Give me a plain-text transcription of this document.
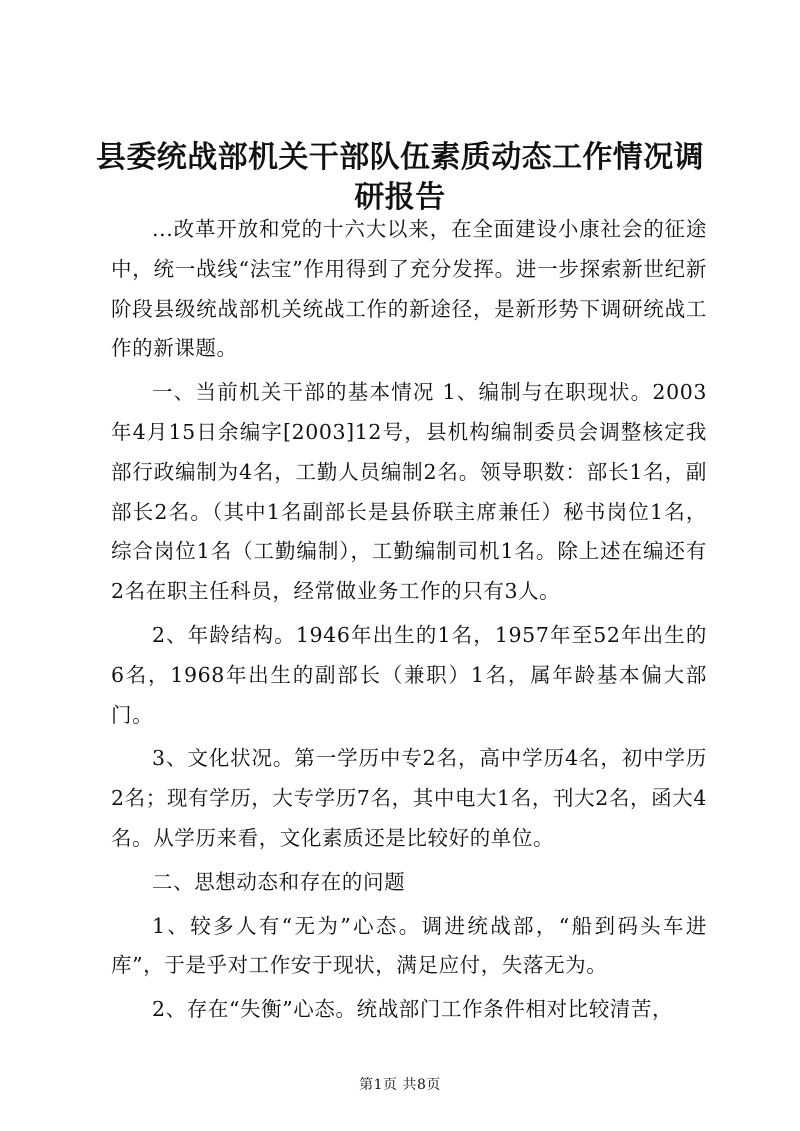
县委统战部机关干部队伍素质动态工作情况调研报告

...改革开放和党的十六大以来，在全面建设小康社会的征途中，统一战线“法宝”作用得到了充分发挥。进一步探索新世纪新阶段县级统战部机关统战工作的新途径，是新形势下调研统战工作的新课题。

一、当前机关干部的基本情况 1、编制与在职现状。2003年4月15日余编字[2003]12号，县机构编制委员会调整核定我部行政编制为4名，工勤人员编制2名。领导职数：部长1名，副部长2名。（其中1名副部长是县侨联主席兼任）秘书岗位1名，综合岗位1名（工勤编制），工勤编制司机1名。除上述在编还有2名在职主任科员，经常做业务工作的只有3人。

2、年龄结构。1946年出生的1名，1957年至52年出生的6名，1968年出生的副部长（兼职）1名，属年龄基本偏大部门。

3、文化状况。第一学历中专2名，高中学历4名，初中学历2名；现有学历，大专学历7名，其中电大1名，刊大2名，函大4名。从学历来看，文化素质还是比较好的单位。

二、思想动态和存在的问题

1、较多人有“无为”心态。调进统战部，“船到码头车进库”，于是乎对工作安于现状，满足应付，失落无为。

2、存在“失衡”心态。统战部门工作条件相对比较清苦，

第1页 共8页
